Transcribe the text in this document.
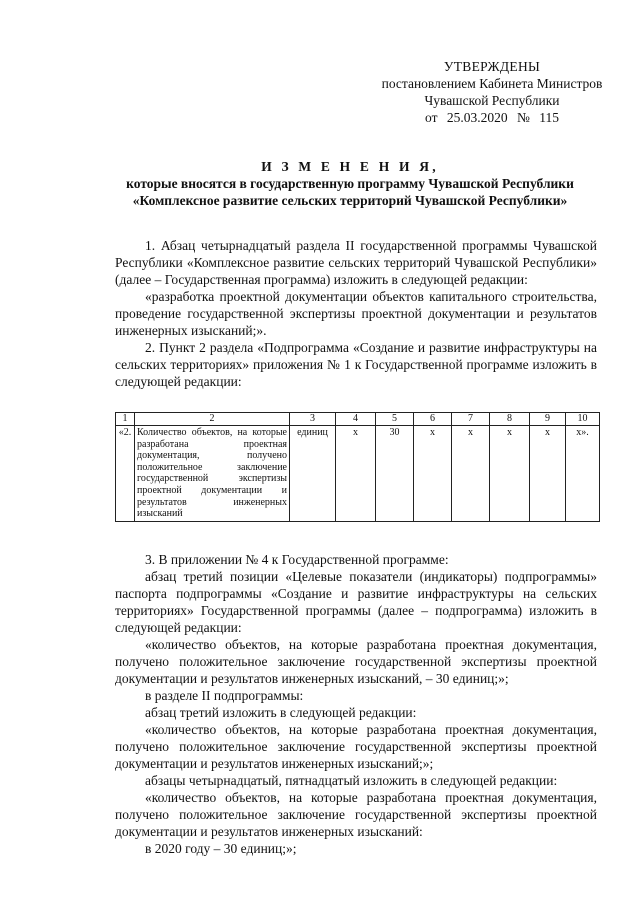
УТВЕРЖДЕНЫ
постановлением Кабинета Министров
Чувашской Республики
от 25.03.2020 № 115
И З М Е Н Е Н И Я,
которые вносятся в государственную программу Чувашской Республики
«Комплексное развитие сельских территорий Чувашской Республики»

1. Абзац четырнадцатый раздела II государственной программы Чувашской Республики «Комплексное развитие сельских территорий Чувашской Республики» (далее – Государственная программа) изложить в следующей редакции:

«разработка проектной документации объектов капитального строительства, проведение государственной экспертизы проектной документации и результатов инженерных изысканий;».

2. Пункт 2 раздела «Подпрограмма «Создание и развитие инфраструктуры на сельских территориях» приложения № 1 к Государственной программе изложить в следующей редакции:

1	2	3	4	5	6	7	8	9	10
«2.	Количество объектов, на которые разработана проектная документация, получено положительное заключение государственной экспертизы проектной документации и результатов инженерных изысканий	единиц	х	30	х	х	х	х	х».

3. В приложении № 4 к Государственной программе:

абзац третий позиции «Целевые показатели (индикаторы) подпрограммы» паспорта подпрограммы «Создание и развитие инфраструктуры на сельских территориях» Государственной программы (далее – подпрограмма) изложить в следующей редакции:

«количество объектов, на которые разработана проектная документация, получено положительное заключение государственной экспертизы проектной документации и результатов инженерных изысканий, – 30 единиц;»;

в разделе II подпрограммы:

абзац третий изложить в следующей редакции:

«количество объектов, на которые разработана проектная документация, получено положительное заключение государственной экспертизы проектной документации и результатов инженерных изысканий;»;

абзацы четырнадцатый, пятнадцатый изложить в следующей редакции:

«количество объектов, на которые разработана проектная документация, получено положительное заключение государственной экспертизы проектной документации и результатов инженерных изысканий:

в 2020 году – 30 единиц;»;
